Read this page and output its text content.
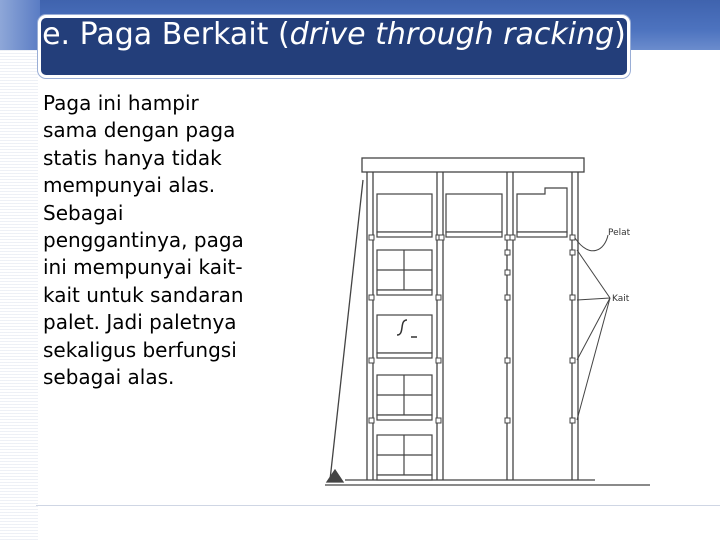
e. Paga Berkait (drive through racking)
Paga ini hampir
sama dengan paga
statis hanya tidak
mempunyai alas.
Sebagai
penggantinya, paga
ini mempunyai kait-
kait untuk sandaran
palet. Jadi paletnya
sekaligus berfungsi
sebagai alas.
Pelat
Kait
